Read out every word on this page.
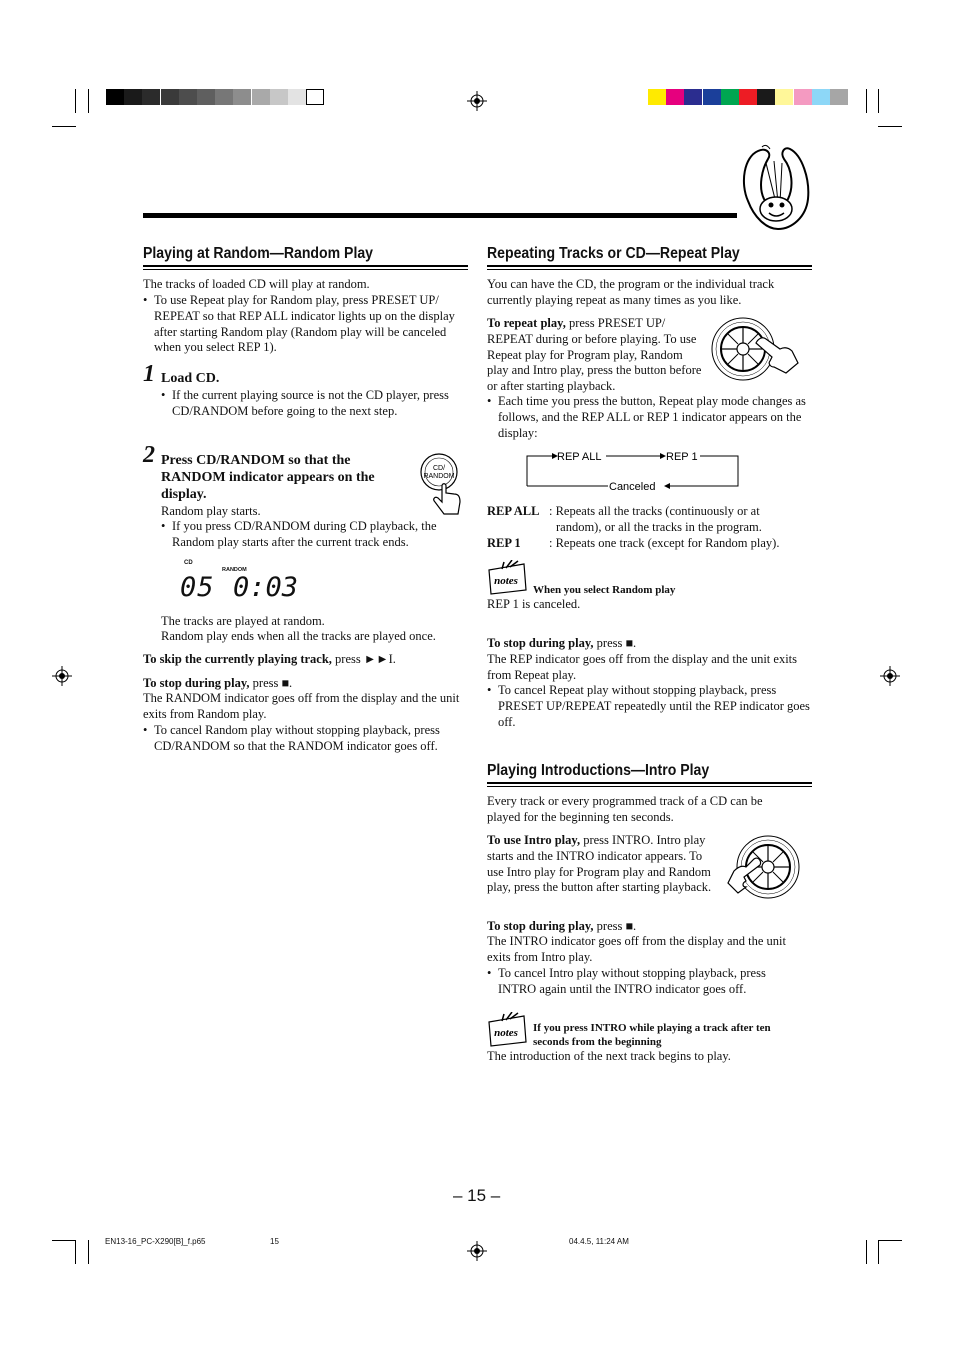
Playing at Random—Random Play
The tracks of loaded CD will play at random.
• To use Repeat play for Random play, press PRESET UP/ REPEAT so that REP ALL indicator lights up on the display after starting Random play (Random play will be canceled when you select REP 1).
1 Load CD.
• If the current playing source is not the CD player, press CD/RANDOM before going to the next step.
2 Press CD/RANDOM so that the RANDOM indicator appears on the display.
CD/
RANDOM
Random play starts.
• If you press CD/RANDOM during CD playback, the Random play starts after the current track ends.
CD
RANDOM
05 0:03
The tracks are played at random.
Random play ends when all the tracks are played once.
To skip the currently playing track, press ►►I.
To stop during play, press ■.
The RANDOM indicator goes off from the display and the unit exits from Random play.
• To cancel Random play without stopping playback, press CD/RANDOM so that the RANDOM indicator goes off.
Repeating Tracks or CD—Repeat Play
You can have the CD, the program or the individual track currently playing repeat as many times as you like.
To repeat play, press PRESET UP/ REPEAT during or before playing. To use Repeat play for Program play, Random play and Intro play, press the button before or after starting playback.
• Each time you press the button, Repeat play mode changes as follows, and the REP ALL or REP 1 indicator appears on the display:
REP ALL	REP 1
Canceled
REP ALL : Repeats all the tracks (continuously or at random), or all the tracks in the program.
REP 1 : Repeats one track (except for Random play).
notes
When you select Random play
REP 1 is canceled.
To stop during play, press ■.
The REP indicator goes off from the display and the unit exits from Repeat play.
• To cancel Repeat play without stopping playback, press PRESET UP/REPEAT repeatedly until the REP indicator goes off.
Playing Introductions—Intro Play
Every track or every programmed track of a CD can be played for the beginning ten seconds.
To use Intro play, press INTRO. Intro play starts and the INTRO indicator appears. To use Intro play for Program play and Random play, press the button after starting playback.
To stop during play, press ■.
The INTRO indicator goes off from the display and the unit exits from Intro play.
• To cancel Intro play without stopping playback, press INTRO again until the INTRO indicator goes off.
notes If you press INTRO while playing a track after ten seconds from the beginning
The introduction of the next track begins to play.
– 15 –
EN13-16_PC-X290[B]_f.p65	15	04.4.5, 11:24 AM
